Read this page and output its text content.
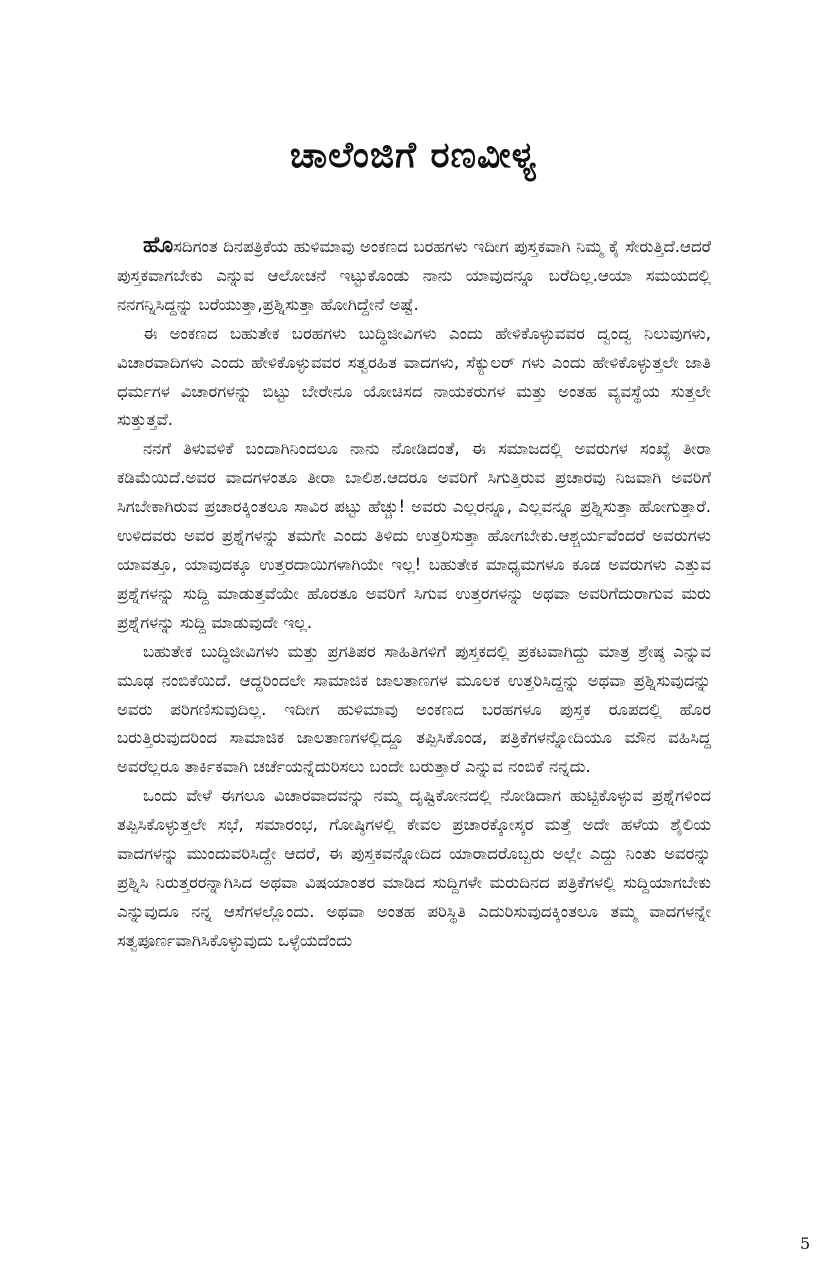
ಚಾಲೆಂಜಿಗೆ ರಣವೀಳ್ಯ

ಹೊಸದಿಗಂತ ದಿನಪತ್ರಿಕೆಯ ಹುಳಿಮಾವು ಅಂಕಣದ ಬರಹಗಳು ಇದೀಗ ಪುಸ್ತಕವಾಗಿ ನಿಮ್ಮ ಕೈ ಸೇರುತ್ತಿದೆ.ಆದರೆ ಪುಸ್ತಕವಾಗಬೇಕು ಎನ್ನುವ ಆಲೋಚನೆ ಇಟ್ಟುಕೊಂಡು ನಾನು ಯಾವುದನ್ನೂ ಬರೆದಿಲ್ಲ.ಆಯಾ ಸಮಯದಲ್ಲಿ ನನಗನ್ನಿಸಿದ್ದನ್ನು ಬರೆಯುತ್ತಾ,ಪ್ರಶ್ನಿಸುತ್ತಾ ಹೋಗಿದ್ದೇನೆ ಅಷ್ಟೆ.

ಈ ಅಂಕಣದ ಬಹುತೇಕ ಬರಹಗಳು ಬುದ್ಧಿಜೀವಿಗಳು ಎಂದು ಹೇಳಿಕೊಳ್ಳುವವರ ದ್ವಂದ್ವ ನಿಲುವುಗಳು, ವಿಚಾರವಾದಿಗಳು ಎಂದು ಹೇಳಿಕೊಳ್ಳುವವರ ಸತ್ವರಹಿತ ವಾದಗಳು, ಸೆಕ್ಯುಲರ್ ಗಳು ಎಂದು ಹೇಳಿಕೊಳ್ಳುತ್ತಲೇ ಜಾತಿ ಧರ್ಮಗಳ ವಿಚಾರಗಳನ್ನು ಬಿಟ್ಟು ಬೇರೇನೂ ಯೋಚಿಸದ ನಾಯಕರುಗಳ ಮತ್ತು ಅಂತಹ ವ್ಯವಸ್ಥೆಯ ಸುತ್ತಲೇ ಸುತ್ತುತ್ತವೆ.

ನನಗೆ ತಿಳುವಳಿಕೆ ಬಂದಾಗಿನಿಂದಲೂ ನಾನು ನೋಡಿದಂತೆ, ಈ ಸಮಾಜದಲ್ಲಿ ಅವರುಗಳ ಸಂಖ್ಯೆ ತೀರಾ ಕಡಿಮೆಯಿದೆ.ಅವರ ವಾದಗಳಂತೂ ತೀರಾ ಬಾಲಿಶ.ಆದರೂ ಅವರಿಗೆ ಸಿಗುತ್ತಿರುವ ಪ್ರಚಾರವು ನಿಜವಾಗಿ ಅವರಿಗೆ ಸಿಗಬೇಕಾಗಿರುವ ಪ್ರಚಾರಕ್ಕಿಂತಲೂ ಸಾವಿರ ಪಟ್ಟು ಹೆಚ್ಚು! ಅವರು ಎಲ್ಲರನ್ನೂ, ಎಲ್ಲವನ್ನೂ ಪ್ರಶ್ನಿಸುತ್ತಾ ಹೋಗುತ್ತಾರೆ. ಉಳಿದವರು ಅವರ ಪ್ರಶ್ನೆಗಳನ್ನು ತಮಗೇ ಎಂದು ತಿಳಿದು ಉತ್ತರಿಸುತ್ತಾ ಹೋಗಬೇಕು.ಆಶ್ಚರ್ಯವೆಂದರೆ ಅವರುಗಳು ಯಾವತ್ತೂ, ಯಾವುದಕ್ಕೂ ಉತ್ತರದಾಯಿಗಳಾಗಿಯೇ ಇಲ್ಲ! ಬಹುತೇಕ ಮಾಧ್ಯಮಗಳೂ ಕೂಡ ಅವರುಗಳು ಎತ್ತುವ ಪ್ರಶ್ನೆಗಳನ್ನು ಸುದ್ದಿ ಮಾಡುತ್ತವೆಯೇ ಹೊರತೂ ಅವರಿಗೆ ಸಿಗುವ ಉತ್ತರಗಳನ್ನು ಅಥವಾ ಅವರಿಗೆದುರಾಗುವ ಮರು ಪ್ರಶ್ನೆಗಳನ್ನು ಸುದ್ದಿ ಮಾಡುವುದೇ ಇಲ್ಲ.

ಬಹುತೇಕ ಬುದ್ಧಿಜೀವಿಗಳು ಮತ್ತು ಪ್ರಗತಿಪರ ಸಾಹಿತಿಗಳಿಗೆ ಪುಸ್ತಕದಲ್ಲಿ ಪ್ರಕಟವಾಗಿದ್ದು ಮಾತ್ರ ಶ್ರೇಷ್ಠ ಎನ್ನುವ ಮೂಢ ನಂಬಿಕೆಯಿದೆ. ಆದ್ದರಿಂದಲೇ ಸಾಮಾಜಿಕ ಜಾಲತಾಣಗಳ ಮೂಲಕ ಉತ್ತರಿಸಿದ್ದನ್ನು ಅಥವಾ ಪ್ರಶ್ನಿಸುವುದನ್ನು ಅವರು ಪರಿಗಣಿಸುವುದಿಲ್ಲ. ಇದೀಗ ಹುಳಿಮಾವು ಅಂಕಣದ ಬರಹಗಳೂ ಪುಸ್ತಕ ರೂಪದಲ್ಲಿ ಹೊರ ಬರುತ್ತಿರುವುದರಿಂದ ಸಾಮಾಜಿಕ ಜಾಲತಾಣಗಳಲ್ಲಿದ್ದೂ ತಪ್ಪಿಸಿಕೊಂಡ, ಪತ್ರಿಕೆಗಳನ್ನೋದಿಯೂ ಮೌನ ವಹಿಸಿದ್ದ ಅವರೆಲ್ಲರೂ ತಾರ್ಕಿಕವಾಗಿ ಚರ್ಚೆಯನ್ನೆದುರಿಸಲು ಬಂದೇ ಬರುತ್ತಾರೆ ಎನ್ನುವ ನಂಬಿಕೆ ನನ್ನದು.

ಒಂದು ವೇಳೆ ಈಗಲೂ ವಿಚಾರವಾದವನ್ನು ನಮ್ಮ ದೃಷ್ಟಿಕೋನದಲ್ಲಿ ನೋಡಿದಾಗ ಹುಟ್ಟಿಕೊಳ್ಳುವ ಪ್ರಶ್ನೆಗಳಿಂದ ತಪ್ಪಿಸಿಕೊಳ್ಳುತ್ತಲೇ ಸಭೆ, ಸಮಾರಂಭ, ಗೋಷ್ಠಿಗಳಲ್ಲಿ ಕೇವಲ ಪ್ರಚಾರಕ್ಕೋಸ್ಕರ ಮತ್ತೆ ಅದೇ ಹಳೆಯ ಶೈಲಿಯ ವಾದಗಳನ್ನು ಮುಂದುವರಿಸಿದ್ದೇ ಆದರೆ, ಈ ಪುಸ್ತಕವನ್ನೋದಿದ ಯಾರಾದರೊಬ್ಬರು ಅಲ್ಲೇ ಎದ್ದು ನಿಂತು ಅವರನ್ನು ಪ್ರಶ್ನಿಸಿ ನಿರುತ್ತರರನ್ನಾಗಿಸಿದ ಅಥವಾ ವಿಷಯಾಂತರ ಮಾಡಿದ ಸುದ್ದಿಗಳೇ ಮರುದಿನದ ಪತ್ರಿಕೆಗಳಲ್ಲಿ ಸುದ್ದಿಯಾಗಬೇಕು ಎನ್ನುವುದೂ ನನ್ನ ಆಸೆಗಳಲ್ಲೊಂದು. ಅಥವಾ ಅಂತಹ ಪರಿಸ್ಥಿತಿ ಎದುರಿಸುವುದಕ್ಕಿಂತಲೂ ತಮ್ಮ ವಾದಗಳನ್ನೇ ಸತ್ವಪೂರ್ಣವಾಗಿಸಿಕೊಳ್ಳುವುದು ಒಳ್ಳೆಯದೆಂದು

5
